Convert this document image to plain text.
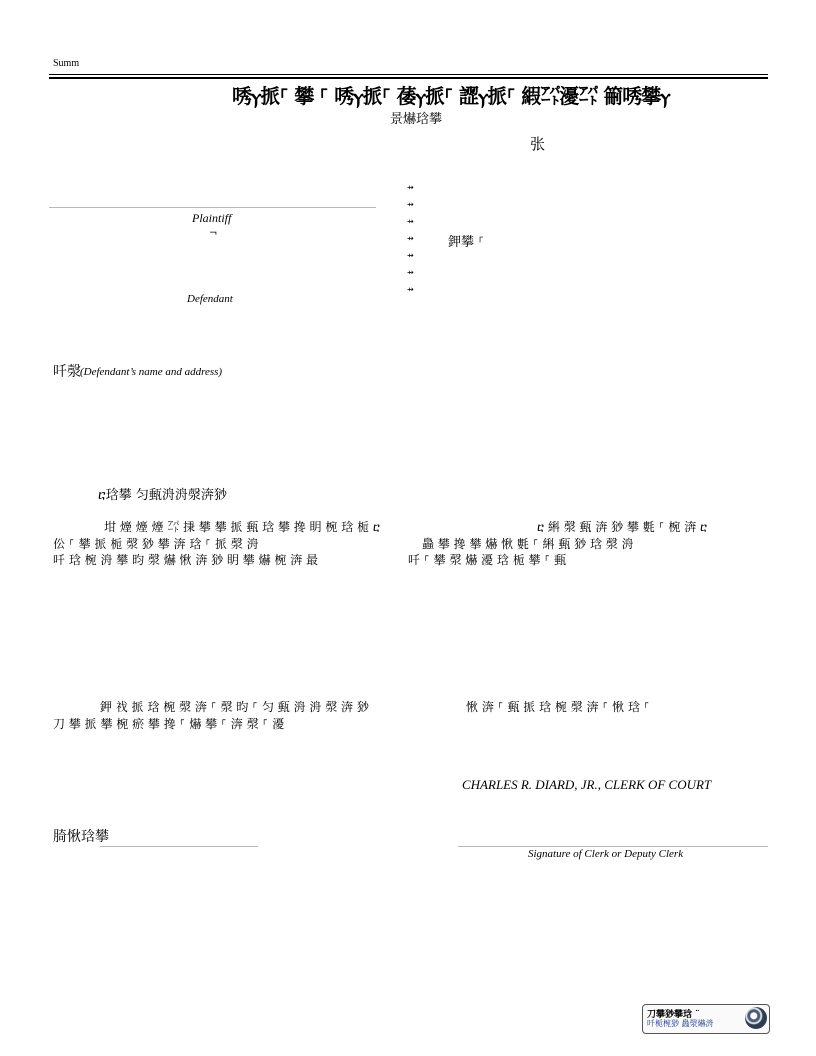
Summ
唀ⲩ挀⸀ 攀 ⸀ 唀ⲩ挀⸀ 䔀ⲩ挀⸀ 䜀ⲩ挀⸀ 縀㌀瀀㌀ 䈀唀攀ⲩ
景爀琀攀
张
Plaintiff
¬
Defendant
⇸
⇸
⇸
⇸
⇸
⇸
⇸
鉀攀 ⸀
吀漀 (Defendant’s name and address)
ⴀ琀攀 匀甀洀洀漀渀猀
坩 㸀 㸀 㸀 ㌀ 㨀 攀 攀 挀 甀 琀 攀 搀 眀 椀 琀 栀 ⴀ
伀 ⸀ 攀 挀 栀 漀 猀 攀 渀 琀 ⸀ 挀 漀 洀
吀 琀 椀 洀 攀 昀 漀 爀 愀 渀 猀 眀 攀 爀 椀 渀 最
ⴀ 䌀 漀 甀 渀 猀 攀 氀 ⸀ 椀 渀 ⴀ
䘀 攀 搀 攀 爀 愀 氀 ⸀ 䌀 甀 猀 琀 漀 洀
吀 ⸀ 攀 漀 爀 瀀 琀 栀 攀 ⸀ 甀
鉀 䄀 挀 琀 椀 漀 渀 ⸀ 漀 昀 ⸀ 匀 甀 洀 洀 漀 渀 猀
刀 攀 挀 攀 椀 瘀 攀 搀 ⸀ 爀 攀 ⸀ 渀 漀 ⸀ 瀀
愀 渀 ⸀ 甀 挀 琀 椀 漀 渀 ⸀ 愀 琀 ⸀
CHARLES R. DIARD, JR., CLERK OF COURT
䐀愀琀攀
Signature of Clerk or Deputy Clerk
刀攀猀攀琀 ¨
吀栀椀猀 䘀漀爀洀
